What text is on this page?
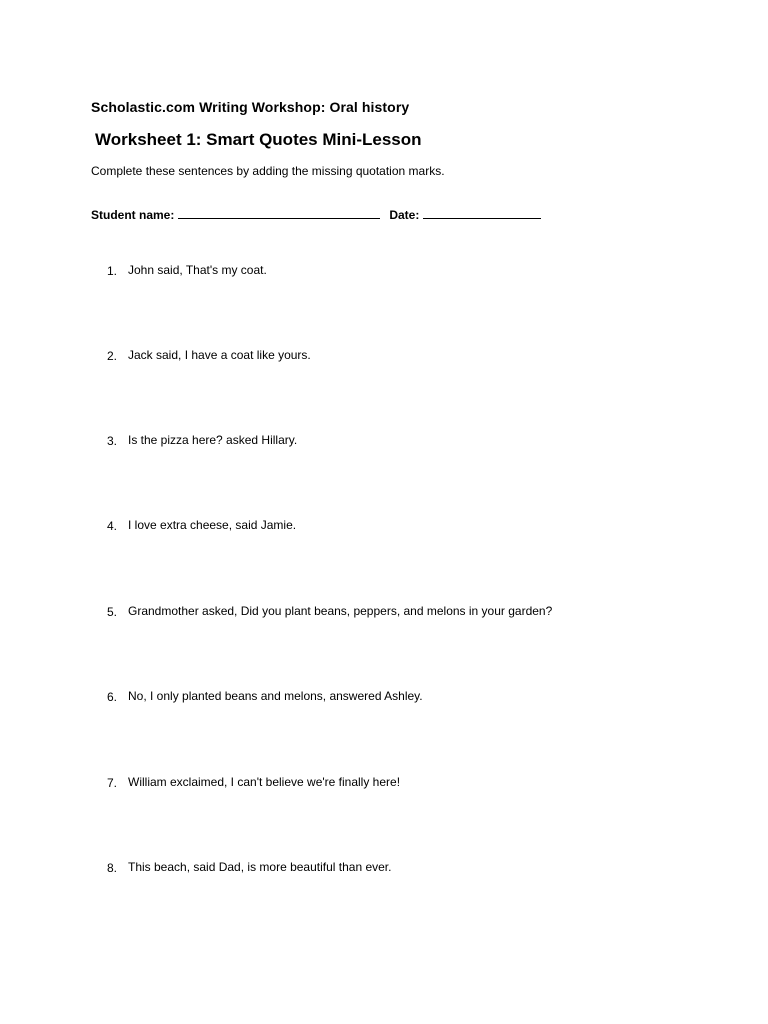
Scholastic.com Writing Workshop: Oral history
Worksheet 1: Smart Quotes Mini-Lesson
Complete these sentences by adding the missing quotation marks.
Student name:	Date:
1. John said, That's my coat.
2. Jack said, I have a coat like yours.
3. Is the pizza here? asked Hillary.
4. I love extra cheese, said Jamie.
5. Grandmother asked, Did you plant beans, peppers, and melons in your garden?
6. No, I only planted beans and melons, answered Ashley.
7. William exclaimed, I can't believe we're finally here!
8. This beach, said Dad, is more beautiful than ever.
